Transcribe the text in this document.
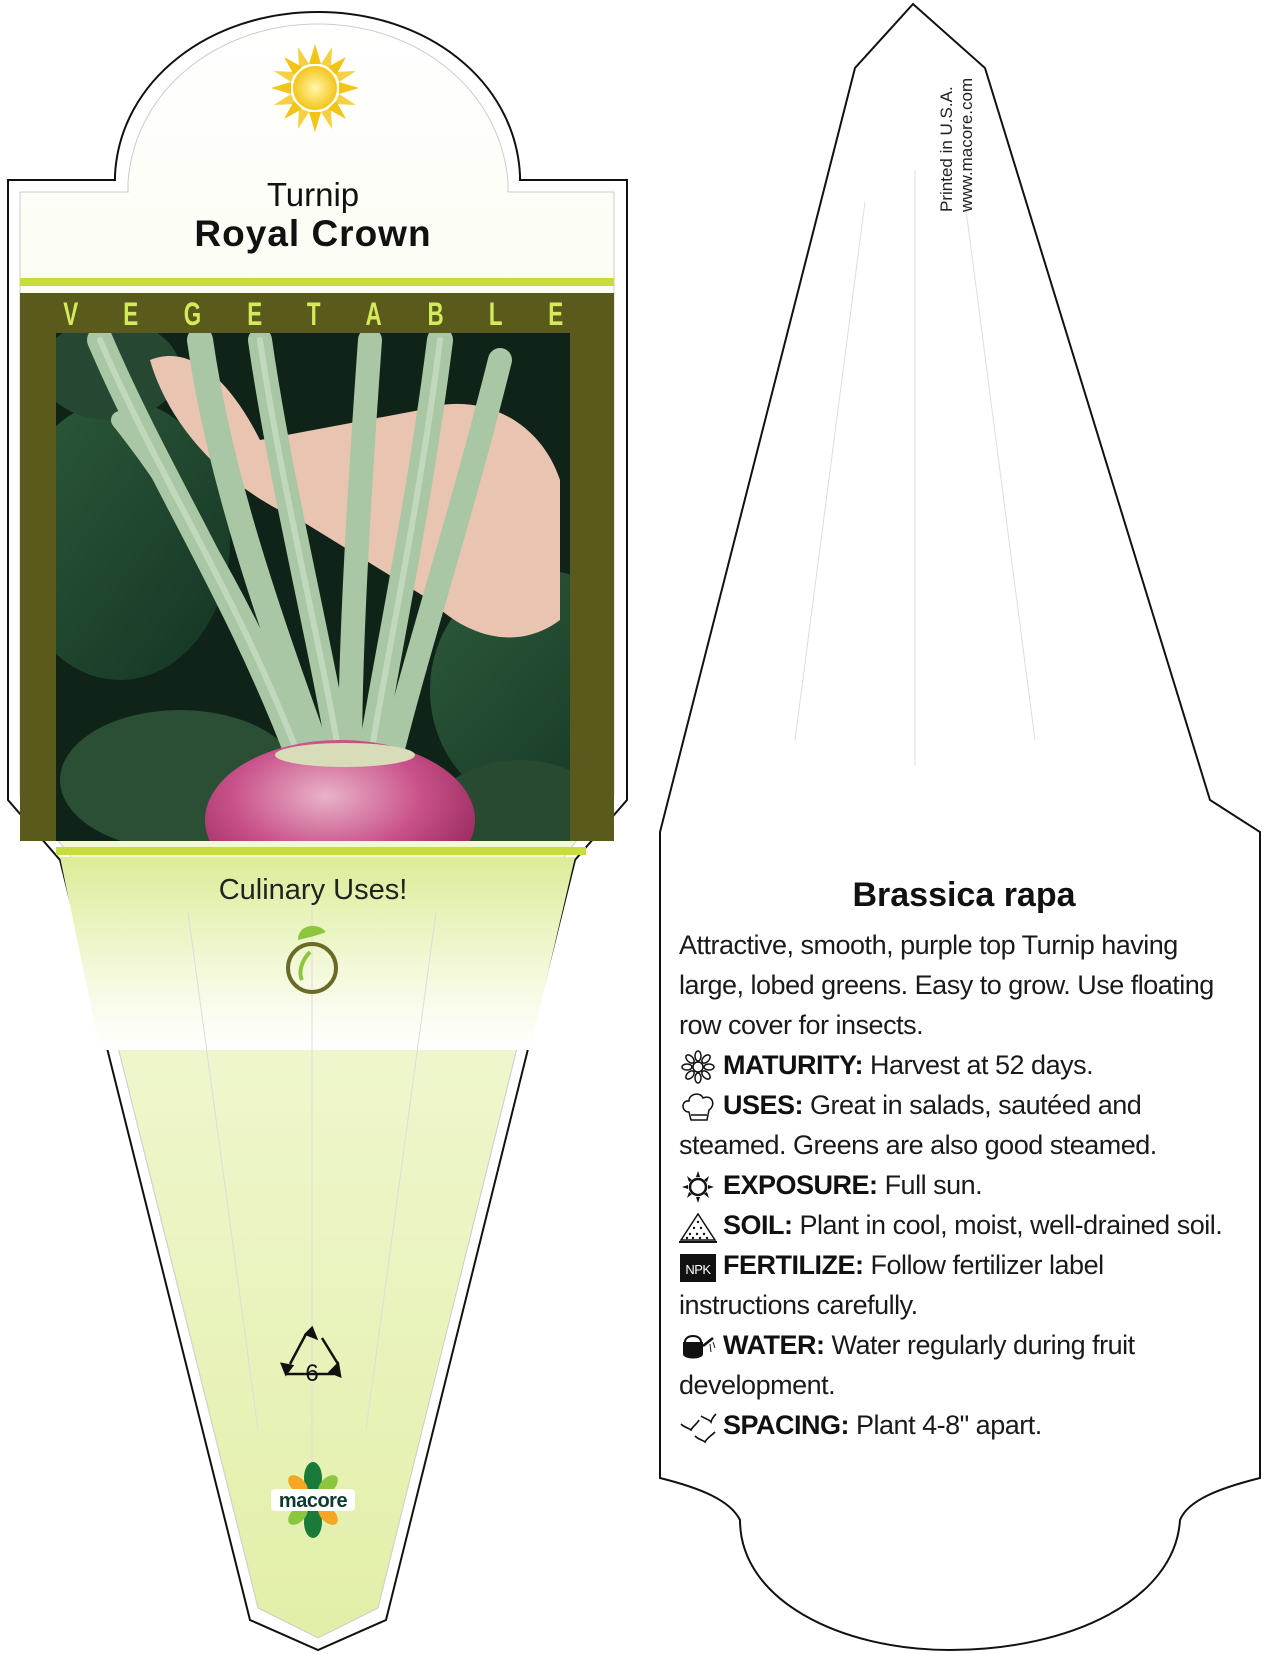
Turnip
Royal Crown
V E G E T A B L E
Culinary Uses!
6
macore
Printed in U.S.A. www.macore.com
Brassica rapa
Attractive, smooth, purple top Turnip having large, lobed greens. Easy to grow. Use floating row cover for insects.
MATURITY: Harvest at 52 days.
USES: Great in salads, sautéed and steamed. Greens are also good steamed.
EXPOSURE: Full sun.
SOIL: Plant in cool, moist, well-drained soil.
NPK FERTILIZE: Follow fertilizer label instructions carefully.
WATER: Water regularly during fruit development.
SPACING: Plant 4-8" apart.
